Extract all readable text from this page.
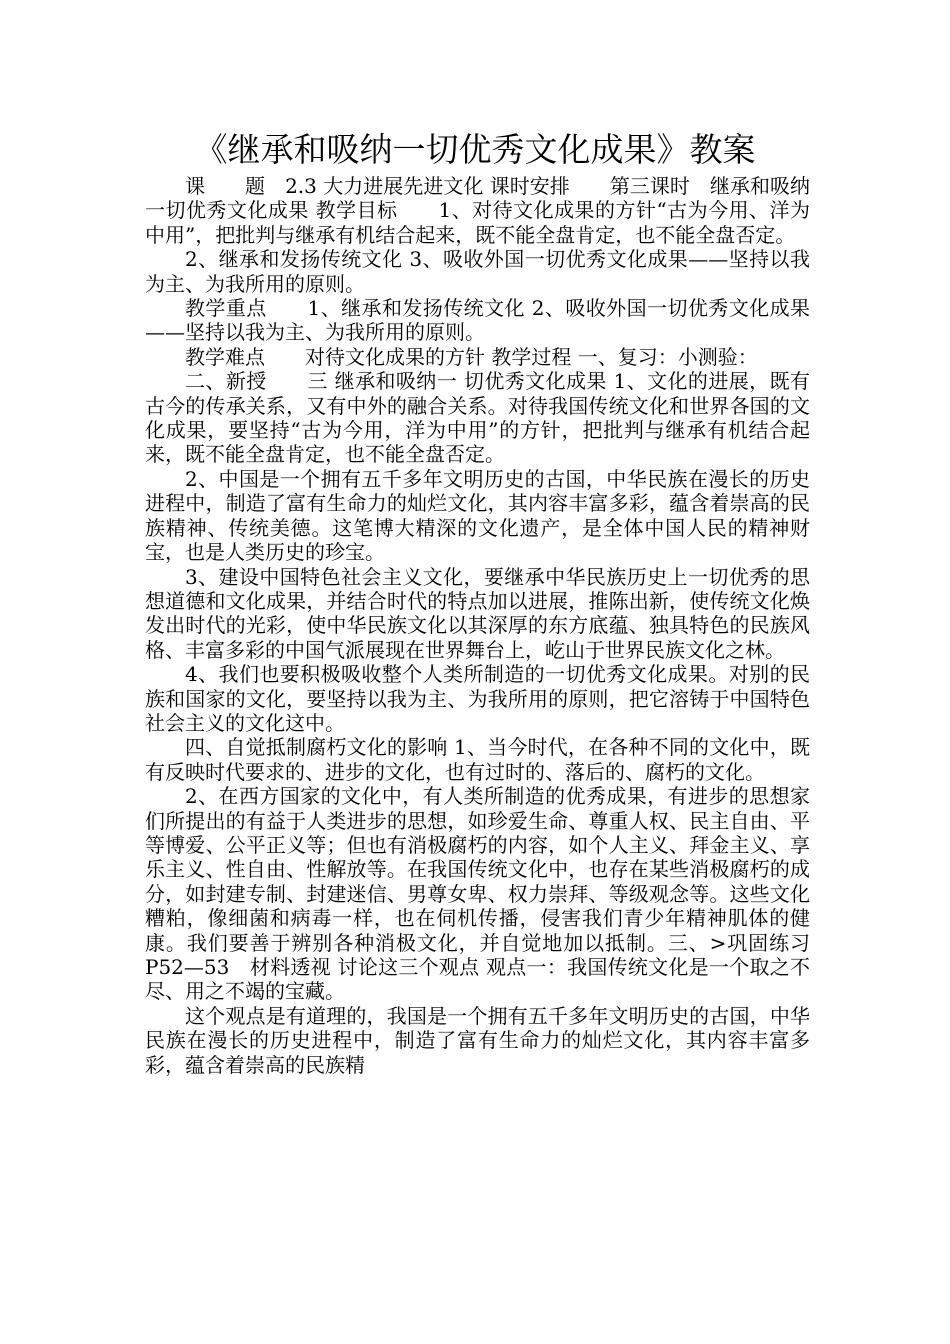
《继承和吸纳一切优秀文化成果》教案

课　　题　2.3 大力进展先进文化 课时安排　　第三课时　继承和吸纳一切优秀文化成果 教学目标　　1、对待文化成果的方针“古为今用、洋为中用”，把批判与继承有机结合起来，既不能全盘肯定，也不能全盘否定。

2、继承和发扬传统文化 3、吸收外国一切优秀文化成果——坚持以我为主、为我所用的原则。

教学重点　　1、继承和发扬传统文化 2、吸收外国一切优秀文化成果——坚持以我为主、为我所用的原则。

教学难点　　对待文化成果的方针 教学过程 一、复习：小测验：

二、新授　　三 继承和吸纳一 切优秀文化成果 1、文化的进展，既有古今的传承关系，又有中外的融合关系。对待我国传统文化和世界各国的文化成果，要坚持“古为今用，洋为中用”的方针，把批判与继承有机结合起来，既不能全盘肯定，也不能全盘否定。

2、中国是一个拥有五千多年文明历史的古国，中华民族在漫长的历史进程中，制造了富有生命力的灿烂文化，其内容丰富多彩，蕴含着崇高的民族精神、传统美德。这笔博大精深的文化遗产，是全体中国人民的精神财宝，也是人类历史的珍宝。

3、建设中国特色社会主义文化，要继承中华民族历史上一切优秀的思想道德和文化成果，并结合时代的特点加以进展，推陈出新，使传统文化焕发出时代的光彩，使中华民族文化以其深厚的东方底蕴、独具特色的民族风格、丰富多彩的中国气派展现在世界舞台上，屹山于世界民族文化之林。

4、我们也要积极吸收整个人类所制造的一切优秀文化成果。对别的民族和国家的文化，要坚持以我为主、为我所用的原则，把它溶铸于中国特色社会主义的文化这中。

四、自觉抵制腐朽文化的影响 1、当今时代，在各种不同的文化中，既有反映时代要求的、进步的文化，也有过时的、落后的、腐朽的文化。

2、在西方国家的文化中，有人类所制造的优秀成果，有进步的思想家们所提出的有益于人类进步的思想，如珍爱生命、尊重人权、民主自由、平等博爱、公平正义等；但也有消极腐朽的内容，如个人主义、拜金主义、享乐主义、性自由、性解放等。在我国传统文化中，也存在某些消极腐朽的成分，如封建专制、封建迷信、男尊女卑、权力崇拜、等级观念等。这些文化糟粕，像细菌和病毒一样，也在伺机传播，侵害我们青少年精神肌体的健康。我们要善于辨别各种消极文化，并自觉地加以抵制。三、>巩固练习　P52—53　材料透视 讨论这三个观点 观点一：我国传统文化是一个取之不尽、用之不竭的宝藏。

这个观点是有道理的，我国是一个拥有五千多年文明历史的古国，中华民族在漫长的历史进程中，制造了富有生命力的灿烂文化，其内容丰富多彩，蕴含着崇高的民族精
